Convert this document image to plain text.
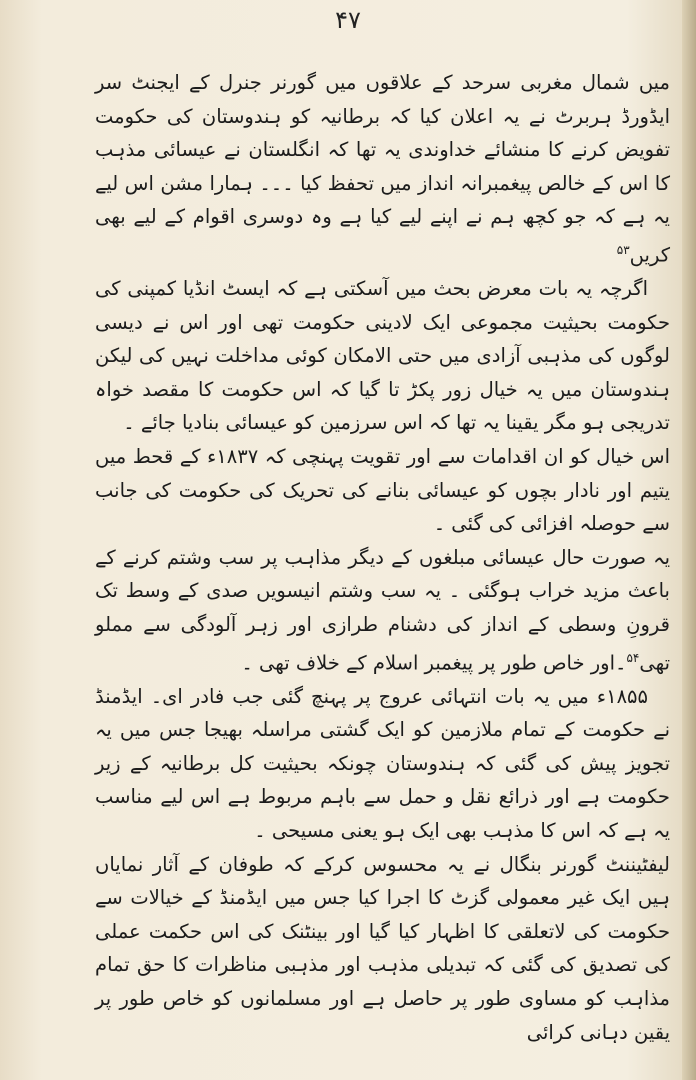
۴۷

میں شمال مغربی سرحد کے علاقوں میں گورنر جنرل کے ایجنٹ سر ایڈورڈ ہربرٹ نے یہ اعلان کیا کہ برطانیہ کو ہندوستان کی حکومت تفویض کرنے کا منشائے خداوندی یہ تھا کہ انگلستان نے عیسائی مذہب کا اس کے خالص پیغمبرانہ انداز میں تحفظ کیا ۔۔۔ ہمارا مشن اس لیے یہ ہے کہ جو کچھ ہم نے اپنے لیے کیا ہے وہ دوسری اقوام کے لیے بھی کریں$^{۵۳}$

اگرچہ یہ بات معرض بحث میں آسکتی ہے کہ ایسٹ انڈیا کمپنی کی حکومت بحیثیت مجموعی ایک لادینی حکومت تھی اور اس نے دیسی لوگوں کی مذہبی آزادی میں حتی الامکان کوئی مداخلت نہیں کی لیکن ہندوستان میں یہ خیال زور پکڑ تا گیا کہ اس حکومت کا مقصد خواہ تدریجی ہو مگر یقینا یہ تھا کہ اس سرزمین کو عیسائی بنادیا جائے ۔

اس خیال کو ان اقدامات سے اور تقویت پہنچی کہ ۱۸۳۷ء کے قحط میں یتیم اور نادار بچوں کو عیسائی بنانے کی تحریک کی حکومت کی جانب سے حوصلہ افزائی کی گئی ۔

یہ صورت حال عیسائی مبلغوں کے دیگر مذاہب پر سب وشتم کرنے کے باعث مزید خراب ہوگئی ۔ یہ سب وشتم انیسویں صدی کے وسط تک قرونِ وسطی کے انداز کی دشنام طرازی اور زہر آلودگی سے مملو تھی$^{۵۴}$۔اور خاص طور پر پیغمبر اسلام کے خلاف تھی ۔

۱۸۵۵ء میں یہ بات انتہائی عروج پر پہنچ گئی جب فادر ای۔ ایڈمنڈ نے حکومت کے تمام ملازمین کو ایک گشتی مراسلہ بھیجا جس میں یہ تجویز پیش کی گئی کہ ہندوستان چونکہ بحیثیت کل برطانیہ کے زیر حکومت ہے اور ذرائع نقل و حمل سے باہم مربوط ہے اس لیے مناسب یہ ہے کہ اس کا مذہب بھی ایک ہو یعنی مسیحی ۔

لیفٹیننٹ گورنر بنگال نے یہ محسوس کرکے کہ طوفان کے آثار نمایاں ہیں ایک غیر معمولی گزٹ کا اجرا کیا جس میں ایڈمنڈ کے خیالات سے حکومت کی لاتعلقی کا اظہار کیا گیا اور بینٹنک کی اس حکمت عملی کی تصدیق کی گئی کہ تبدیلی مذہب اور مذہبی مناظرات کا حق تمام مذاہب کو مساوی طور پر حاصل ہے اور مسلمانوں کو خاص طور پر یقین دہانی کرائی
